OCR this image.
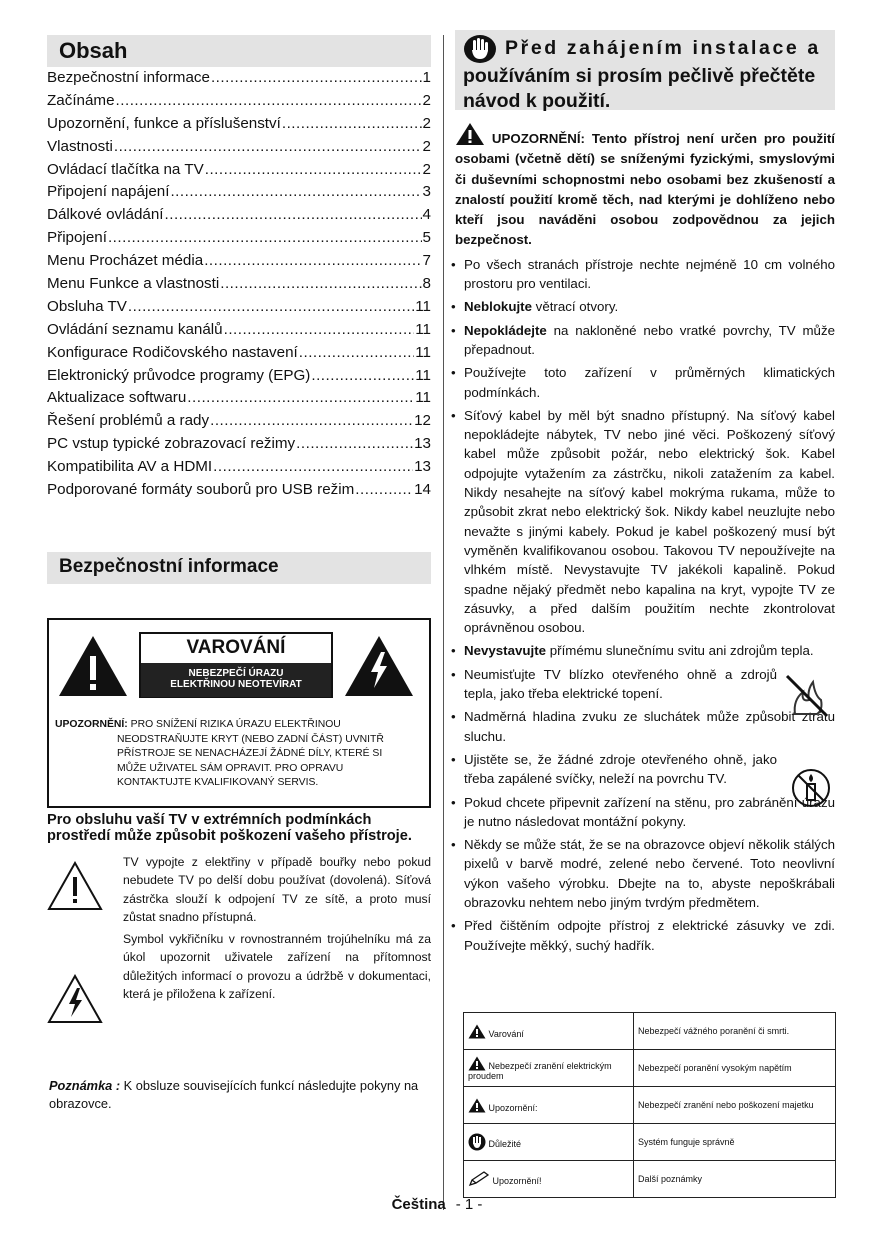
Obsah
Bezpečnostní informace .....	1
Začínáme .....	2
Upozornění, funkce a příslušenství .....	2
Vlastnosti .....	2
Ovládací tlačítka na TV .....	2
Připojení napájení .....	3
Dálkové ovládání .....	4
Připojení .....	5
Menu Procházet média .....	7
Menu Funkce a vlastnosti .....	8
Obsluha TV .....	11
Ovládání seznamu kanálů .....	11
Konfigurace Rodičovského nastavení .....	11
Elektronický průvodce programy (EPG) .....	11
Aktualizace softwaru .....	11
Řešení problémů a rady .....	12
PC vstup typické zobrazovací režimy .....	13
Kompatibilita AV a HDMI .....	13
Podporované formáty souborů pro USB režim .....	14
Bezpečnostní informace
VAROVÁNÍ
NEBEZPEČÍ ÚRAZU
ELEKTŘINOU NEOTEVÍRAT
UPOZORNĚNÍ: PRO SNÍŽENÍ RIZIKA ÚRAZU ELEKTŘINOU
NEODSTRAŇUJTE KRYT (NEBO ZADNÍ ČÁST) UVNITŘ PŘÍSTROJE SE NENACHÁZEJÍ ŽÁDNÉ DÍLY, KTERÉ SI MŮŽE UŽIVATEL SÁM OPRAVIT. PRO OPRAVU KONTAKTUJTE KVALIFIKOVANÝ SERVIS.
Pro obsluhu vaší TV v extrémních podmínkách prostředí může způsobit poškození vašeho přístroje.
TV vypojte z elektřiny v případě bouřky nebo pokud nebudete TV po delší dobu používat (dovolená). Síťová zástrčka slouží k odpojení TV ze sítě, a proto musí zůstat snadno přístupná.
Symbol vykřičníku v rovnostranném trojúhelníku má za úkol upozornit uživatele zařízení na přítomnost důležitých informací o provozu a údržbě v dokumentaci, která je přiložena k zařízení.
Poznámka : K obsluze souvisejících funkcí následujte pokyny na obrazovce.
Před zahájením instalace a
používáním si prosím pečlivě přečtěte
návod k použití.
UPOZORNĚNÍ: Tento přístroj není určen pro použití osobami (včetně dětí) se sníženými fyzickými, smyslovými či duševními schopnostmi nebo osobami bez zkušeností a znalostí použití kromě těch, nad kterými je dohlíženo nebo kteří jsou naváděni osobou zodpovědnou za jejich bezpečnost.
• Po všech stranách přístroje nechte nejméně 10 cm volného prostoru pro ventilaci.
• Neblokujte větrací otvory.
• Nepokládejte na nakloněné nebo vratké povrchy, TV může přepadnout.
• Používejte toto zařízení v průměrných klimatických podmínkách.
• Síťový kabel by měl být snadno přístupný. Na síťový kabel nepokládejte nábytek, TV nebo jiné věci. Poškozený síťový kabel může způsobit požár, nebo elektrický šok. Kabel odpojujte vytažením za zástrčku, nikoli zatažením za kabel. Nikdy nesahejte na síťový kabel mokrýma rukama, může to způsobit zkrat nebo elektrický šok. Nikdy kabel neuzlujte nebo nevažte s jinými kabely. Pokud je kabel poškozený musí být vyměněn kvalifikovanou osobou. Takovou TV nepoužívejte na vlhkém místě. Nevystavujte TV jakékoli kapalině. Pokud spadne nějaký předmět nebo kapalina na kryt, vypojte TV ze zásuvky, a před dalším použitím nechte zkontrolovat oprávněnou osobou.
• Nevystavujte přímému slunečnímu svitu ani zdrojům tepla.
• Neumisťujte TV blízko otevřeného ohně a zdrojů tepla, jako třeba elektrické topení.
• Nadměrná hladina zvuku ze sluchátek může způsobit ztrátu sluchu.
• Ujistěte se, že žádné zdroje otevřeného ohně, jako třeba zapálené svíčky, neleží na povrchu TV.
• Pokud chcete připevnit zařízení na stěnu, pro zabránění úrazu je nutno následovat montážní pokyny.
• Někdy se může stát, že se na obrazovce objeví několik stálých pixelů v barvě modré, zelené nebo červené. Toto neovlivní výkon vašeho výrobku. Dbejte na to, abyste nepoškrábali obrazovku nehtem nebo jiným tvrdým předmětem.
• Před čištěním odpojte přístroj z elektrické zásuvky ve zdi. Používejte měkký, suchý hadřík.
Varování	Nebezpečí vážného poranění či smrti.
Nebezpečí zranění elektrickým proudem	Nebezpečí poranění vysokým napětím
Upozornění:	Nebezpečí zranění nebo poškození majetku
Důležité	Systém funguje správně
Upozornění!	Další poznámky
Čeština - 1 -
